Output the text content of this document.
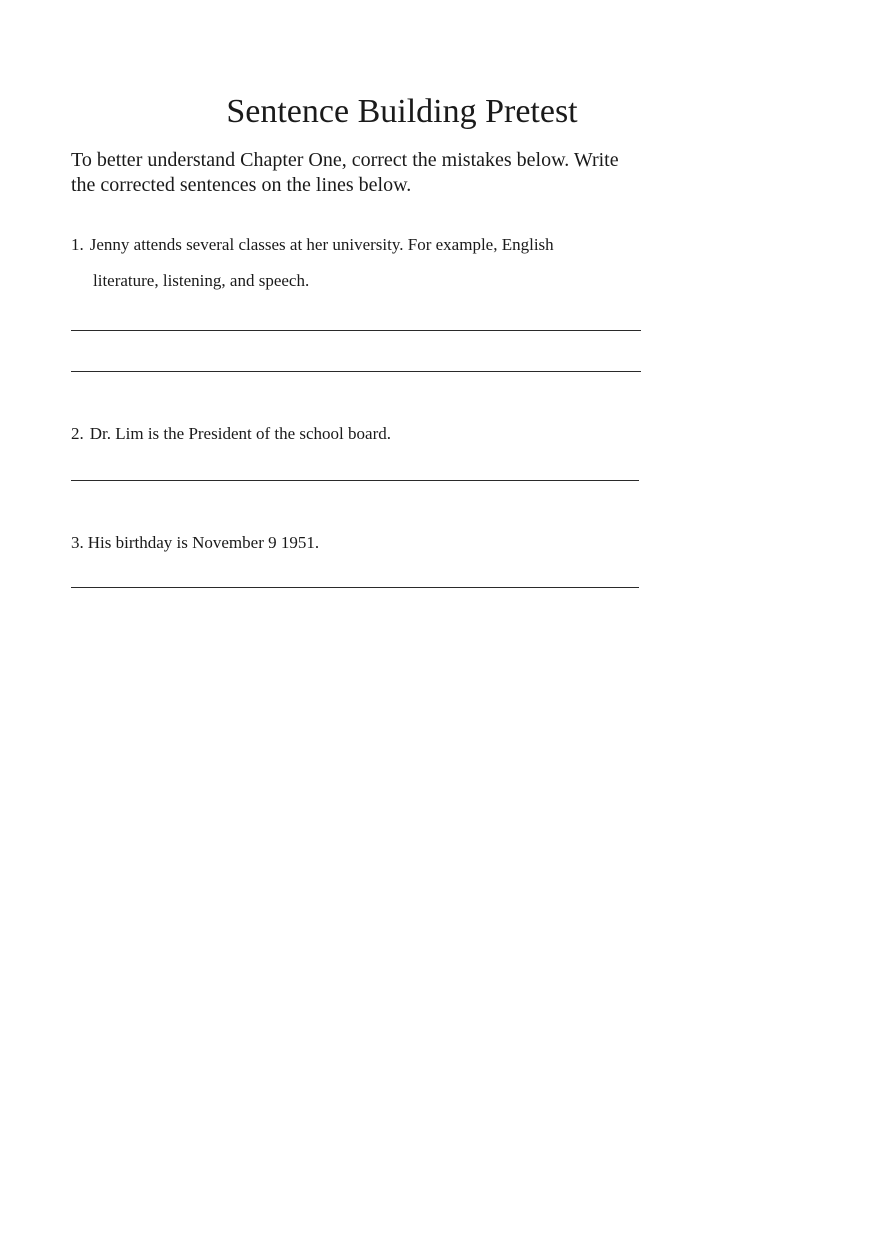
Sentence Building Pretest
To better understand Chapter One, correct the mistakes below. Write
the corrected sentences on the lines below.
1. Jenny attends several classes at her university. For example, English
literature, listening, and speech.
2. Dr. Lim is the President of the school board.
3. His birthday is November 9 1951.
